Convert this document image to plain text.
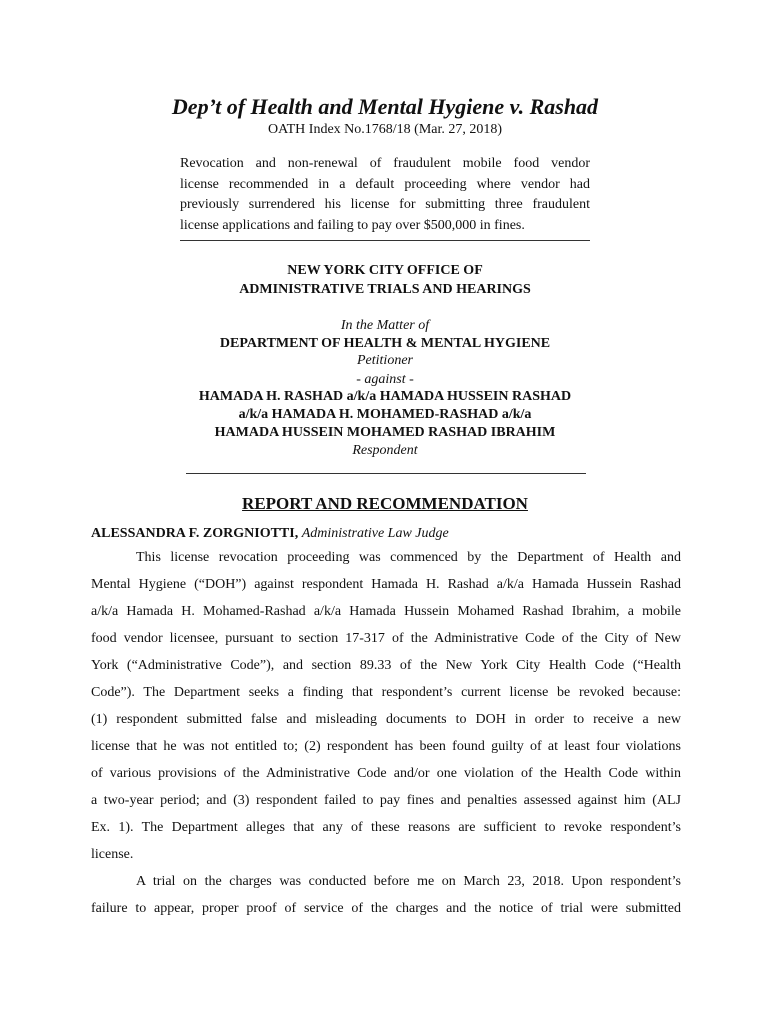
Dep’t of Health and Mental Hygiene v. Rashad
OATH Index No.1768/18 (Mar. 27, 2018)
Revocation and non-renewal of fraudulent mobile food vendor
license recommended in a default proceeding where vendor had
previously surrendered his license for submitting three fraudulent
license applications and failing to pay over $500,000 in fines.
NEW YORK CITY OFFICE OF
ADMINISTRATIVE TRIALS AND HEARINGS
In the Matter of
DEPARTMENT OF HEALTH & MENTAL HYGIENE
Petitioner
- against -
HAMADA H. RASHAD a/k/a HAMADA HUSSEIN RASHAD
a/k/a HAMADA H. MOHAMED-RASHAD a/k/a
HAMADA HUSSEIN MOHAMED RASHAD IBRAHIM
Respondent
REPORT AND RECOMMENDATION
ALESSANDRA F. ZORGNIOTTI, Administrative Law Judge
This license revocation proceeding was commenced by the Department of Health and
Mental Hygiene (“DOH”) against respondent Hamada H. Rashad a/k/a Hamada Hussein Rashad
a/k/a Hamada H. Mohamed-Rashad a/k/a Hamada Hussein Mohamed Rashad Ibrahim, a mobile
food vendor licensee, pursuant to section 17-317 of the Administrative Code of the City of New
York (“Administrative Code”), and section 89.33 of the New York City Health Code (“Health
Code”). The Department seeks a finding that respondent’s current license be revoked because:
(1) respondent submitted false and misleading documents to DOH in order to receive a new
license that he was not entitled to; (2) respondent has been found guilty of at least four violations
of various provisions of the Administrative Code and/or one violation of the Health Code within
a two-year period; and (3) respondent failed to pay fines and penalties assessed against him (ALJ
Ex. 1). The Department alleges that any of these reasons are sufficient to revoke respondent’s
license.
A trial on the charges was conducted before me on March 23, 2018. Upon respondent’s
failure to appear, proper proof of service of the charges and the notice of trial were submitted
